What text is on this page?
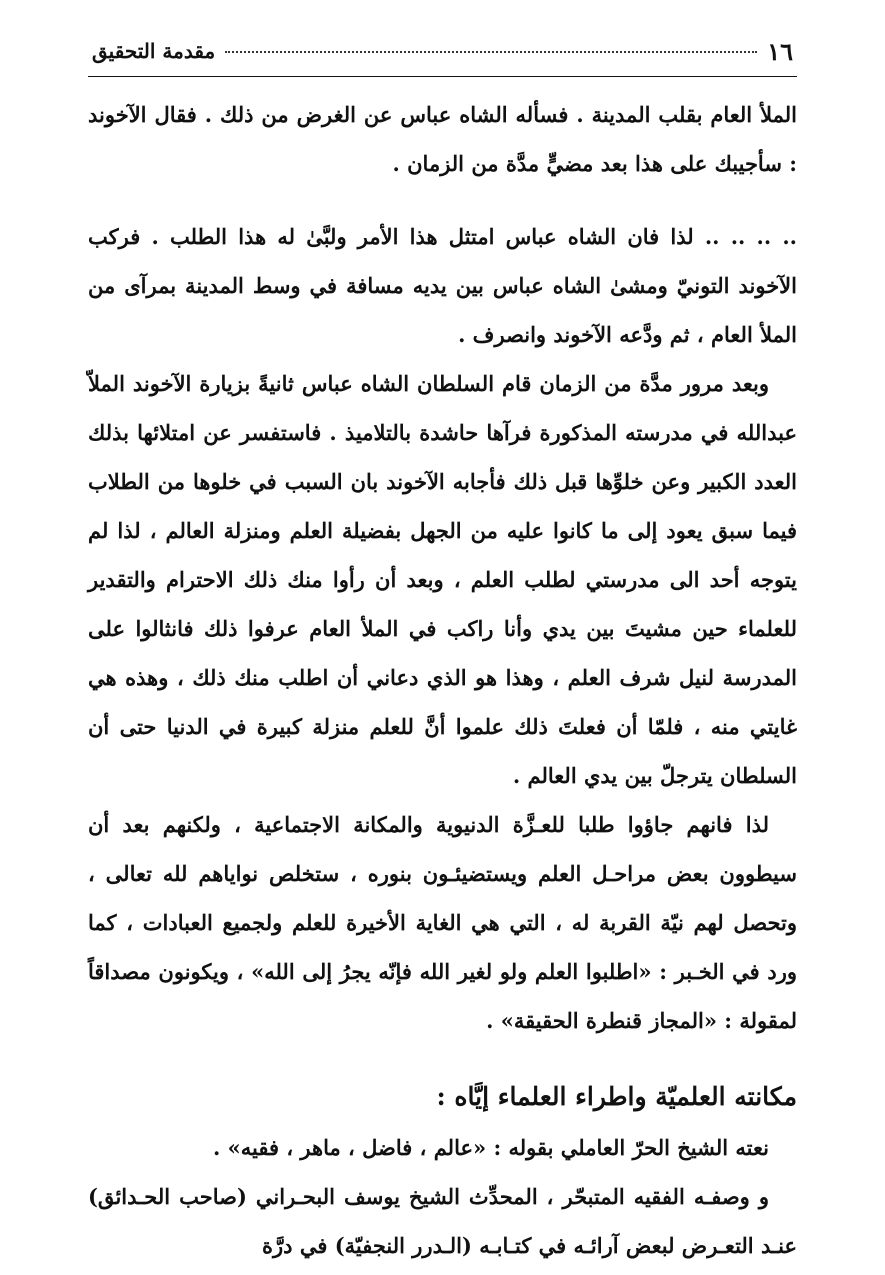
١٦
مقدمة التحقيق

الملأ العام بقلب المدينة . فسأله الشاه عباس عن الغرض من ذلك . فقال الآخوند : سأجيبك على هذا بعد مضيٍّ مدَّة من الزمان .

.. .. .. .. لذا فان الشاه عباس امتثل هذا الأمر ولبَّىٰ له هذا الطلب . فركب الآخوند التونيّ ومشىٰ الشاه عباس بين يديه مسافة في وسط المدينة بمرآى من الملأ العام ، ثم ودَّعه الآخوند وانصرف .

وبعد مرور مدَّة من الزمان قام السلطان الشاه عباس ثانيةً بزيارة الآخوند الملاّ عبدالله في مدرسته المذكورة فرآها حاشدة بالتلاميذ . فاستفسر عن امتلائها بذلك العدد الكبير وعن خلوِّها قبل ذلك فأجابه الآخوند بان السبب في خلوها من الطلاب فيما سبق يعود إلى ما كانوا عليه من الجهل بفضيلة العلم ومنزلة العالم ، لذا لم يتوجه أحد الى مدرستي لطلب العلم ، وبعد أن رأوا منك ذلك الاحترام والتقدير للعلماء حين مشيتَ بين يدي وأنا راكب في الملأ العام عرفوا ذلك فانثالوا على المدرسة لنيل شرف العلم ، وهذا هو الذي دعاني أن اطلب منك ذلك ، وهذه هي غايتي منه ، فلمّا أن فعلتَ ذلك علموا أنَّ للعلم منزلة كبيرة في الدنيا حتى أن السلطان يترجلّ بين يدي العالم .

لذا فانهم جاؤوا طلبا للعـزَّة الدنيوية والمكانة الاجتماعية ، ولكنهم بعد أن سيطوون بعض مراحـل العلم ويستضيئـون بنوره ، ستخلص نواياهم لله تعالى ، وتحصل لهم نيّة القربة له ، التي هي الغاية الأخيرة للعلم ولجميع العبادات ، كما ورد في الخـبر : «اطلبوا العلم ولو لغير الله فإنّه يجرُ إلى الله» ، ويكونون مصداقاً لمقولة : «المجاز قنطرة الحقيقة» .

مكانته العلميّة واطراء العلماء إيَّاه :

نعته الشيخ الحرّ العاملي بقوله : «عالم ، فاضل ، ماهر ، فقيه» .

و وصفـه الفقيه المتبحّر ، المحدِّث الشيخ يوسف البحـراني (صاحب الحـدائق) عنـد التعـرض لبعض آرائـه في كتـابـه (الـدرر النجفيّة) في درَّة
